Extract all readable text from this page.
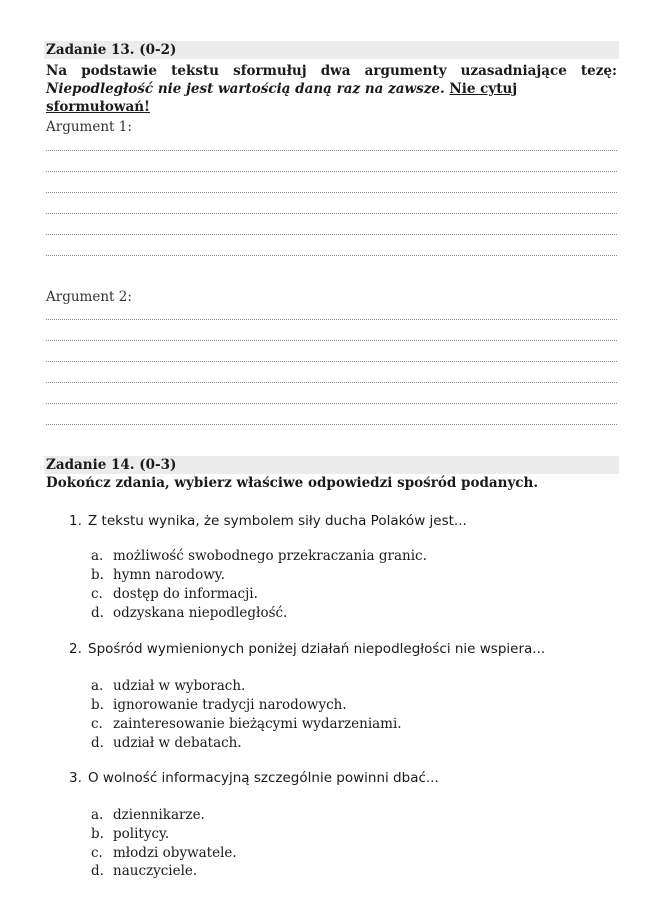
Zadanie 13. (0-2)
Na podstawie tekstu sformułuj dwa argumenty uzasadniające tezę:
Niepodległość nie jest wartością daną raz na zawsze. Nie cytuj sformułowań!
Argument 1:
Argument 2:
Zadanie 14. (0-3)
Dokończ zdania, wybierz właściwe odpowiedzi spośród podanych.
1. Z tekstu wynika, że symbolem siły ducha Polaków jest...
a. możliwość swobodnego przekraczania granic.
b. hymn narodowy.
c. dostęp do informacji.
d. odzyskana niepodległość.
2. Spośród wymienionych poniżej działań niepodległości nie wspiera...
a. udział w wyborach.
b. ignorowanie tradycji narodowych.
c. zainteresowanie bieżącymi wydarzeniami.
d. udział w debatach.
3. O wolność informacyjną szczególnie powinni dbać...
a. dziennikarze.
b. politycy.
c. młodzi obywatele.
d. nauczyciele.
